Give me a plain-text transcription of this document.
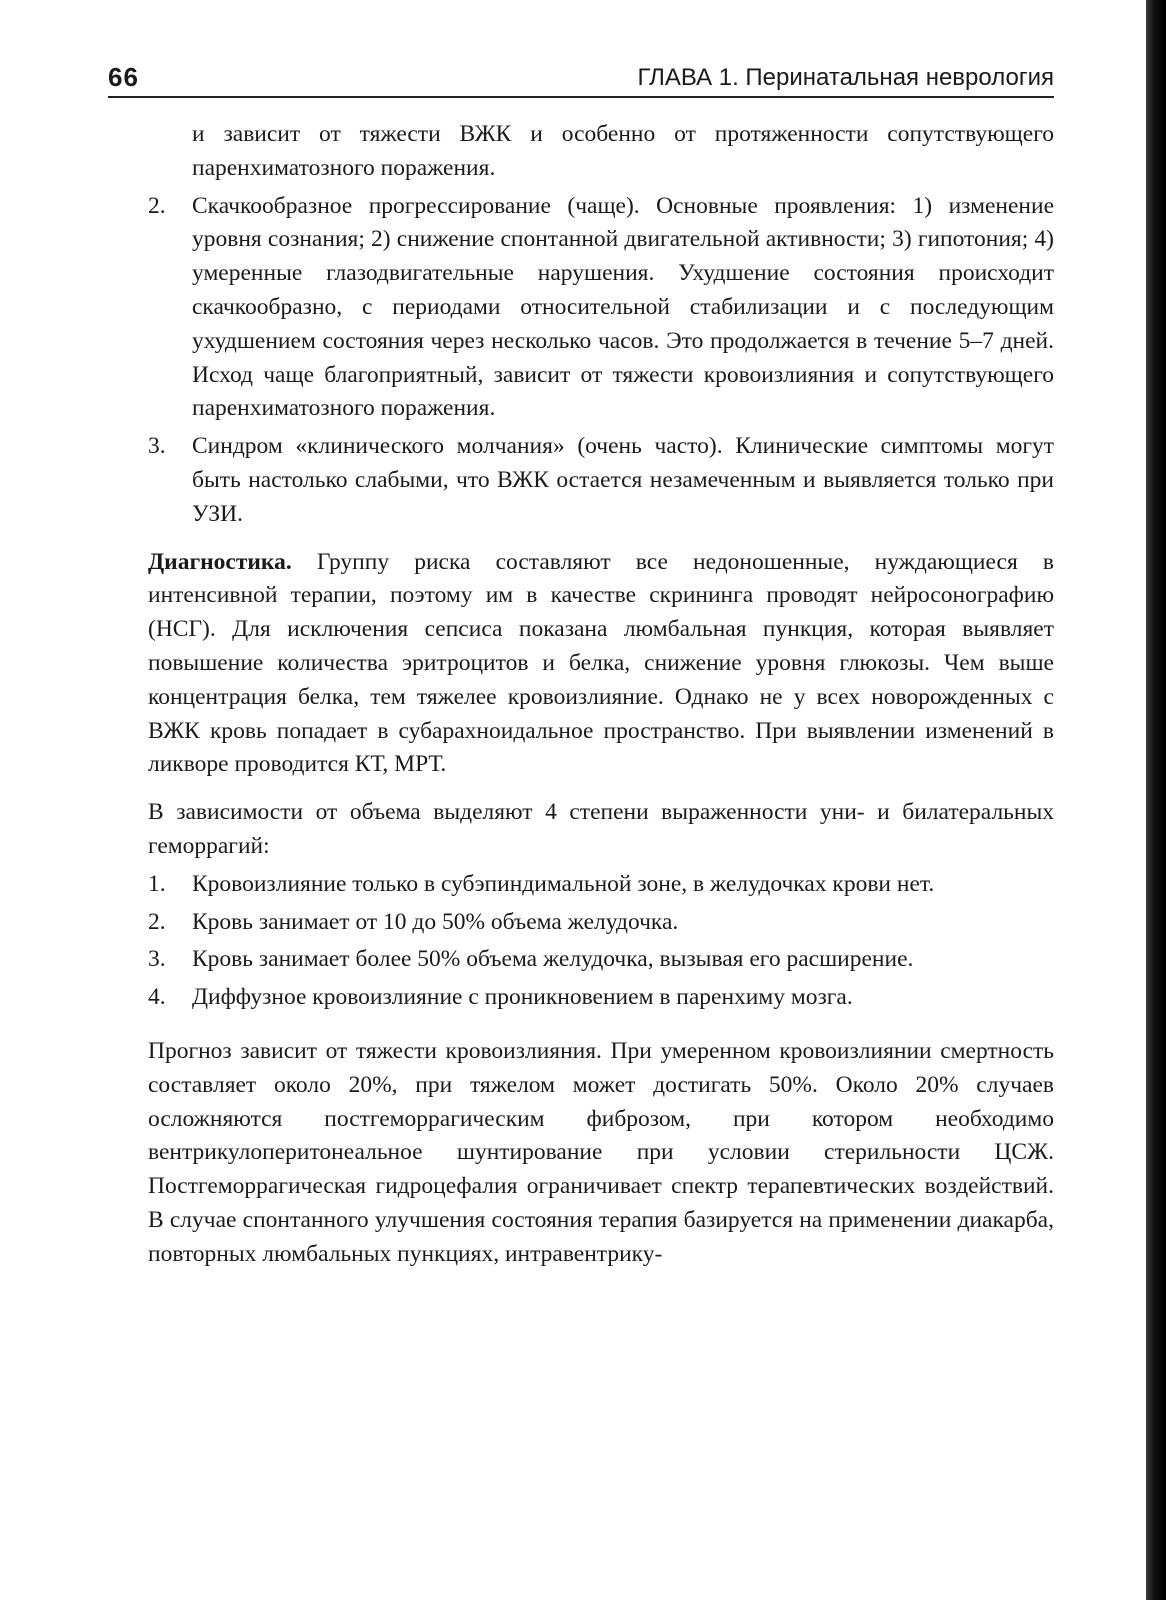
66	ГЛАВА 1. Перинатальная неврология

и зависит от тяжести ВЖК и особенно от протяженности сопутствующего паренхиматозного поражения.

2. Скачкообразное прогрессирование (чаще). Основные проявления: 1) изменение уровня сознания; 2) снижение спонтанной двигательной активности; 3) гипотония; 4) умеренные глазодвигательные нарушения. Ухудшение состояния происходит скачкообразно, с периодами относительной стабилизации и с последующим ухудшением состояния через несколько часов. Это продолжается в течение 5–7 дней. Исход чаще благоприятный, зависит от тяжести кровоизлияния и сопутствующего паренхиматозного поражения.
3. Синдром «клинического молчания» (очень часто). Клинические симптомы могут быть настолько слабыми, что ВЖК остается незамеченным и выявляется только при УЗИ.

Диагностика. Группу риска составляют все недоношенные, нуждающиеся в интенсивной терапии, поэтому им в качестве скрининга проводят нейросонографию (НСГ). Для исключения сепсиса показана люмбальная пункция, которая выявляет повышение количества эритроцитов и белка, снижение уровня глюкозы. Чем выше концентрация белка, тем тяжелее кровоизлияние. Однако не у всех новорожденных с ВЖК кровь попадает в субарахноидальное пространство. При выявлении изменений в ликворе проводится КТ, МРТ.

В зависимости от объема выделяют 4 степени выраженности уни- и билатеральных геморрагий:

1. Кровоизлияние только в субэпиндимальной зоне, в желудочках крови нет.
2. Кровь занимает от 10 до 50% объема желудочка.
3. Кровь занимает более 50% объема желудочка, вызывая его расширение.
4. Диффузное кровоизлияние с проникновением в паренхиму мозга.

Прогноз зависит от тяжести кровоизлияния. При умеренном кровоизлиянии смертность составляет около 20%, при тяжелом может достигать 50%. Около 20% случаев осложняются постгеморрагическим фиброзом, при котором необходимо вентрикулоперитонеальное шунтирование при условии стерильности ЦСЖ. Постгеморрагическая гидроцефалия ограничивает спектр терапевтических воздействий. В случае спонтанного улучшения состояния терапия базируется на применении диакарба, повторных люмбальных пункциях, интравентрику-
